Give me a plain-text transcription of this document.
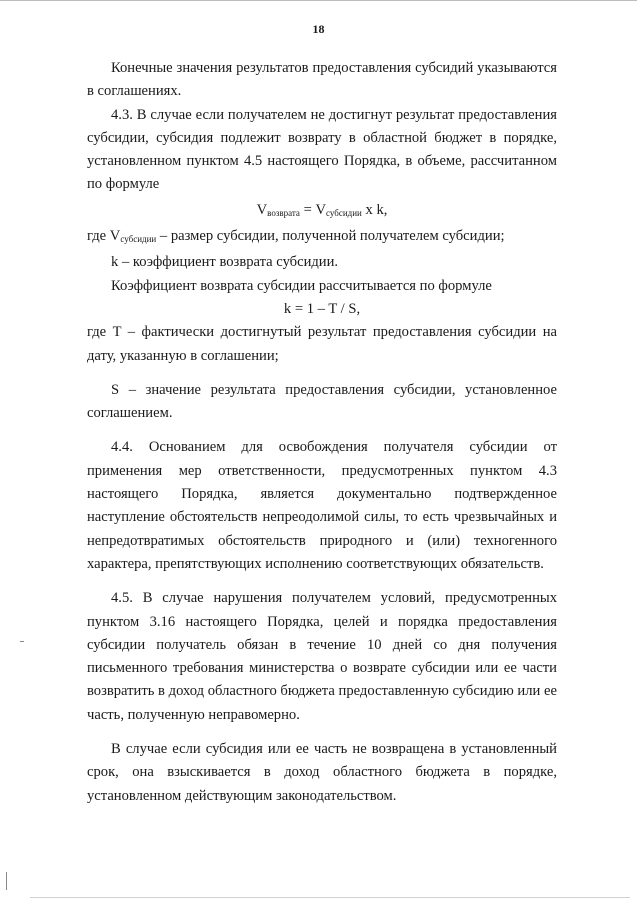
18

Конечные значения результатов предоставления субсидий указываются в соглашениях.

4.3. В случае если получателем не достигнут результат предоставления субсидии, субсидия подлежит возврату в областной бюджет в порядке, установленном пунктом 4.5 настоящего Порядка, в объеме, рассчитанном по формуле

$V_{возврата} = V_{субсидии}$ x k,

где $V_{субсидии}$ – размер субсидии, полученной получателем субсидии;

k – коэффициент возврата субсидии.

Коэффициент возврата субсидии рассчитывается по формуле

k = 1 – T / S,

где T – фактически достигнутый результат предоставления субсидии на дату, указанную в соглашении;

S – значение результата предоставления субсидии, установленное соглашением.

4.4. Основанием для освобождения получателя субсидии от применения мер ответственности, предусмотренных пунктом 4.3 настоящего Порядка, является документально подтвержденное наступление обстоятельств непреодолимой силы, то есть чрезвычайных и непредотвратимых обстоятельств природного и (или) техногенного характера, препятствующих исполнению соответствующих обязательств.

4.5. В случае нарушения получателем условий, предусмотренных пунктом 3.16 настоящего Порядка, целей и порядка предоставления субсидии получатель обязан в течение 10 дней со дня получения письменного требования министерства о возврате субсидии или ее части возвратить в доход областного бюджета предоставленную субсидию или ее часть, полученную неправомерно.

В случае если субсидия или ее часть не возвращена в установленный срок, она взыскивается в доход областного бюджета в порядке, установленном действующим законодательством.
